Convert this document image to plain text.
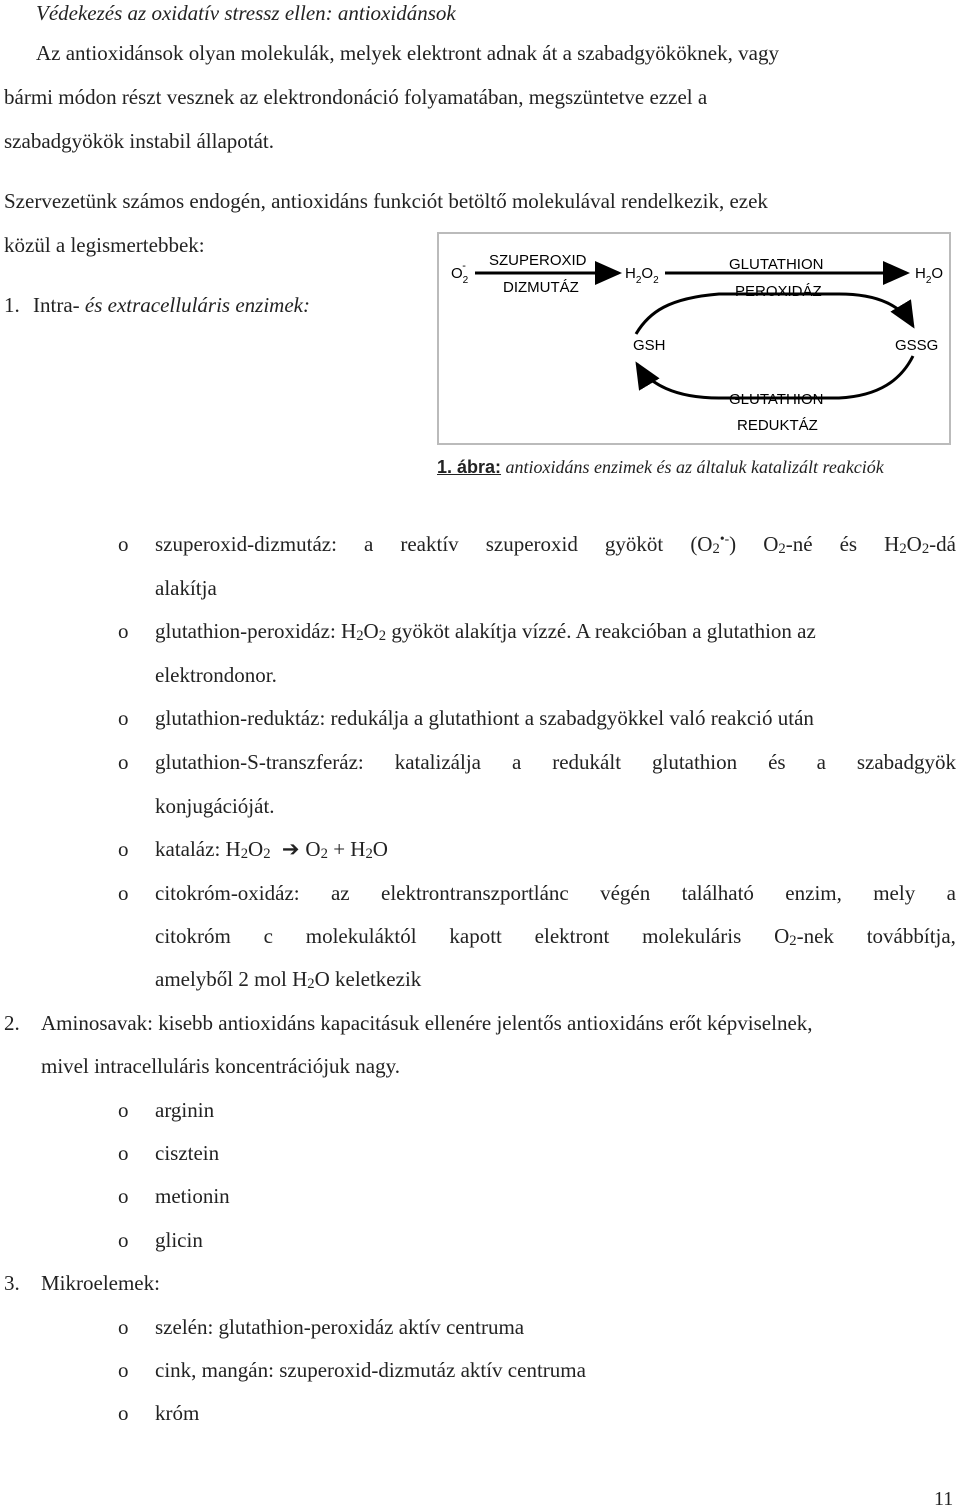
Védekezés az oxidatív stressz ellen: antioxidánsok
Az antioxidánsok olyan molekulák, melyek elektront adnak át a szabadgyököknek, vagy
bármi módon részt vesznek az elektrondonáció folyamatában, megszüntetve ezzel a
szabadgyökök instabil állapotát.
Szervezetünk számos endogén, antioxidáns funkciót betöltő molekulával rendelkezik, ezek
közül a legismertebbek:
1. Intra- és extracelluláris enzimek:
$O_2-$ SZUPEROXID
DIZMUTÁZ
$H_2O_2$
GLUTATHION
PEROXIDÁZ
$H_2O$
GSH	GSSG
GLUTATHION
REDUKTÁZ
1. ábra: antioxidáns enzimek és az általuk katalizált reakciók
o szuperoxid-dizmutáz: a reaktív szuperoxid gyököt $(O_2^{•-})$ $O_2-né$ és $H_2O_2-dá$
alakítja
o glutathion-peroxidáz: $H_2O_2$ gyököt alakítja vízzé. A reakcióban a glutathion az
elektrondonor.
o glutathion-reduktáz: redukálja a glutathiont a szabadgyökkel való reakció után
o glutathion-S-transzferáz: katalizálja a redukált glutathion és a szabadgyök
konjugációját.
o kataláz: $H_2O_2$ ➔ $O_2 + H_2O$
o citokróm-oxidáz: az elektrontranszportlánc végén található enzim, mely a
citokróm c molekuláktól kapott elektront molekuláris $O_2$-nek továbbítja,
amelyből 2 mol $H_2O$ keletkezik
2. Aminosavak: kisebb antioxidáns kapacitásuk ellenére jelentős antioxidáns erőt képviselnek,
mivel intracelluláris koncentrációjuk nagy.
o arginin
o cisztein
o metionin
o glicin
3. Mikroelemek:
o szelén: glutathion-peroxidáz aktív centruma
o cink, mangán: szuperoxid-dizmutáz aktív centruma
o króm
11
